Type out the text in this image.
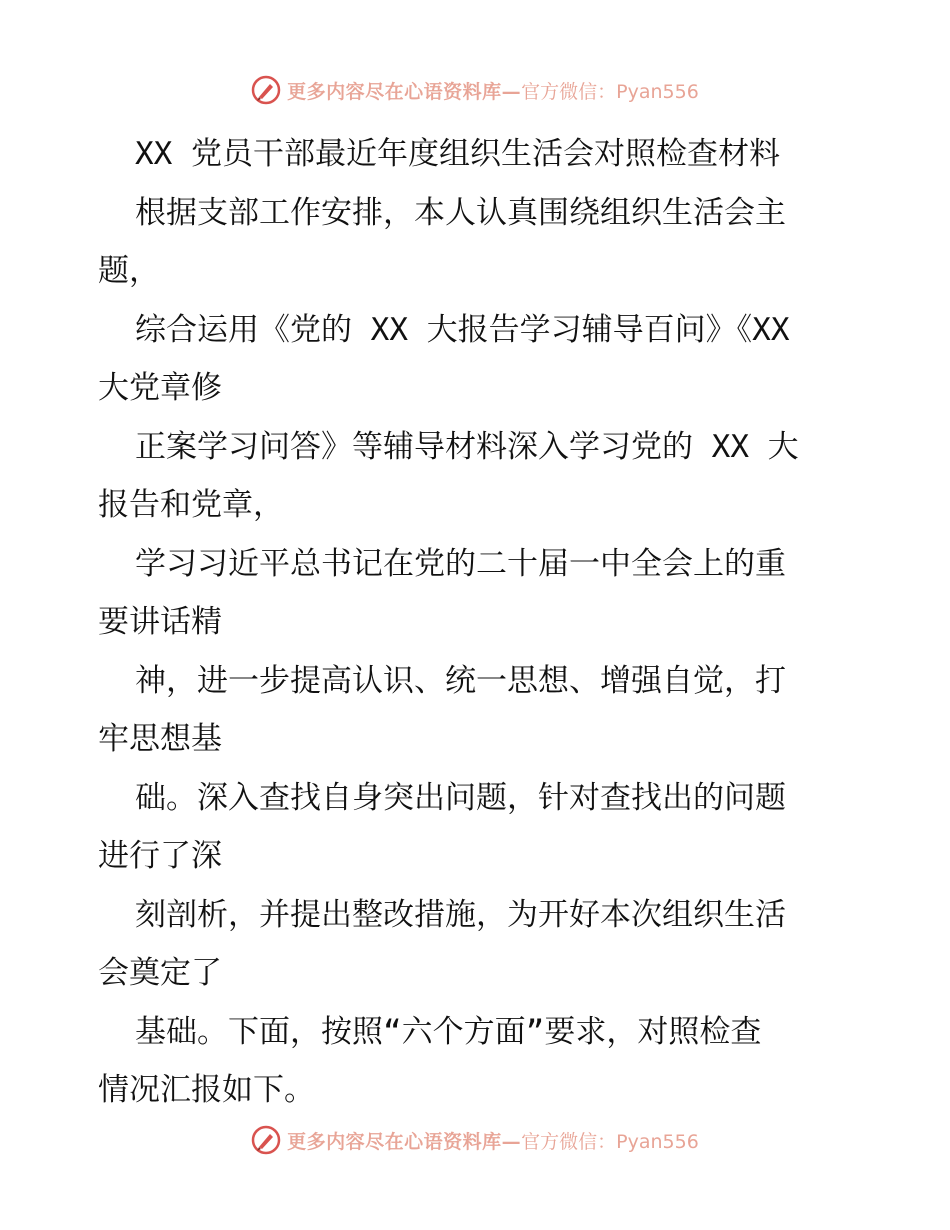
更多内容尽在心语资料库— 官方微信：Pyan556
XX 党员干部最近年度组织生活会对照检查材料
根据支部工作安排，本人认真围绕组织生活会主
题，
综合运用《党的 XX 大报告学习辅导百问》《XX
大党章修
正案学习问答》等辅导材料深入学习党的 XX 大
报告和党章，
学习习近平总书记在党的二十届一中全会上的重
要讲话精
神，进一步提高认识、统一思想、增强自觉，打
牢思想基
础。深入查找自身突出问题，针对查找出的问题
进行了深
刻剖析，并提出整改措施，为开好本次组织生活
会奠定了
基础。下面，按照“六个方面”要求，对照检查
情况汇报如下。
更多内容尽在心语资料库— 官方微信：Pyan556
